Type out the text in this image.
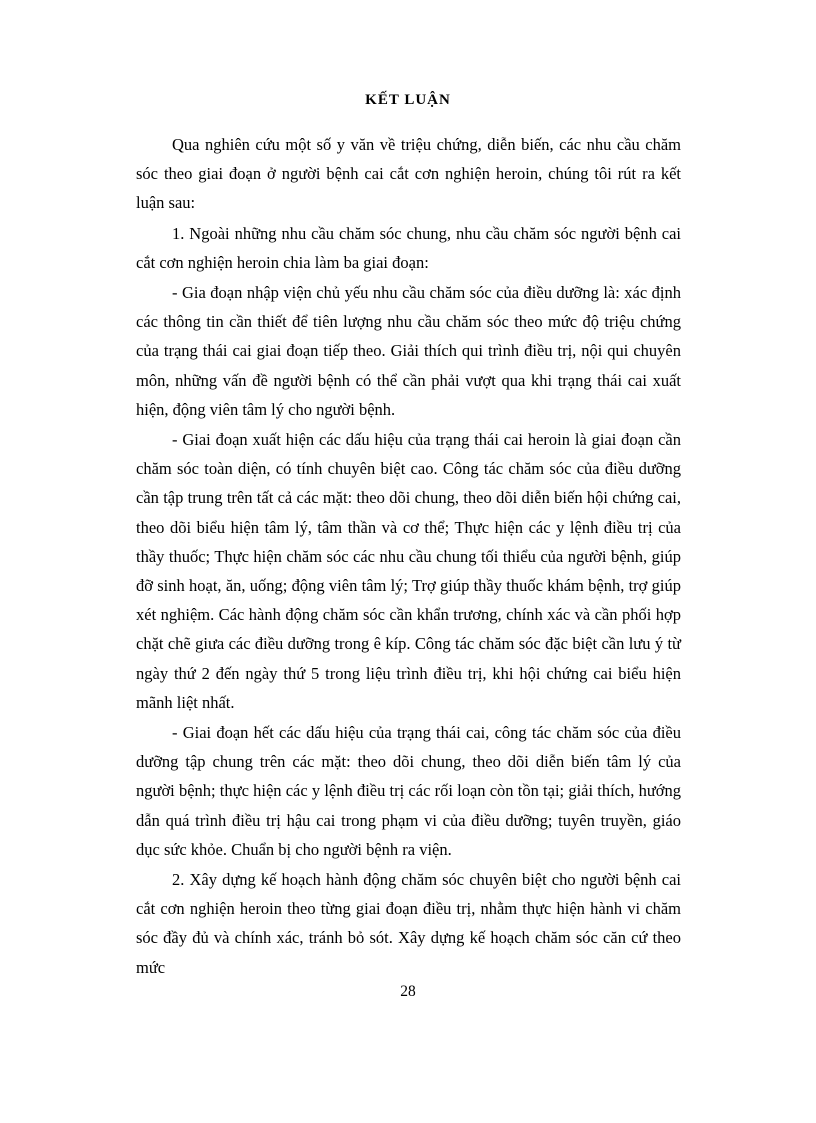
KẾT LUẬN

Qua nghiên cứu một số y văn về triệu chứng, diễn biến, các nhu cầu chăm sóc theo giai đoạn ở người bệnh cai cắt cơn nghiện heroin, chúng tôi rút ra kết luận sau:

1. Ngoài những nhu cầu chăm sóc chung, nhu cầu chăm sóc người bệnh cai cắt cơn nghiện heroin chia làm ba giai đoạn:

- Gia đoạn nhập viện chủ yếu nhu cầu chăm sóc của điều dưỡng là: xác định các thông tin cần thiết để tiên lượng nhu cầu chăm sóc theo mức độ triệu chứng của trạng thái cai giai đoạn tiếp theo. Giải thích qui trình điều trị, nội qui chuyên môn, những vấn đề người bệnh có thể cần phải vượt qua khi trạng thái cai xuất hiện, động viên tâm lý cho người bệnh.

- Giai đoạn xuất hiện các dấu hiệu của trạng thái cai heroin là giai đoạn cần chăm sóc toàn diện, có tính chuyên biệt cao. Công tác chăm sóc của điều dưỡng cần tập trung trên tất cả các mặt: theo dõi chung, theo dõi diễn biến hội chứng cai, theo dõi biểu hiện tâm lý, tâm thần và cơ thể; Thực hiện các y lệnh điều trị của thầy thuốc; Thực hiện chăm sóc các nhu cầu chung tối thiểu của người bệnh, giúp đỡ sinh hoạt, ăn, uống; động viên tâm lý; Trợ giúp thầy thuốc khám bệnh, trợ giúp xét nghiệm. Các hành động chăm sóc cần khẩn trương, chính xác và cần phối hợp chặt chẽ giưa các điều dưỡng trong ê kíp. Công tác chăm sóc đặc biệt cần lưu ý từ ngày thứ 2 đến ngày thứ 5 trong liệu trình điều trị, khi hội chứng cai biểu hiện mãnh liệt nhất.

- Giai đoạn hết các dấu hiệu của trạng thái cai, công tác chăm sóc của điều dưỡng tập chung trên các mặt: theo dõi chung, theo dõi diễn biến tâm lý của người bệnh; thực hiện các y lệnh điều trị các rối loạn còn tồn tại; giải thích, hướng dẫn quá trình điều trị hậu cai trong phạm vi của điều dưỡng; tuyên truyền, giáo dục sức khỏe. Chuẩn bị cho người bệnh ra viện.

2. Xây dựng kế hoạch hành động chăm sóc chuyên biệt cho người bệnh cai cắt cơn nghiện heroin theo từng giai đoạn điều trị, nhằm thực hiện hành vi chăm sóc đầy đủ và chính xác, tránh bỏ sót. Xây dựng kế hoạch chăm sóc căn cứ theo mức

28
